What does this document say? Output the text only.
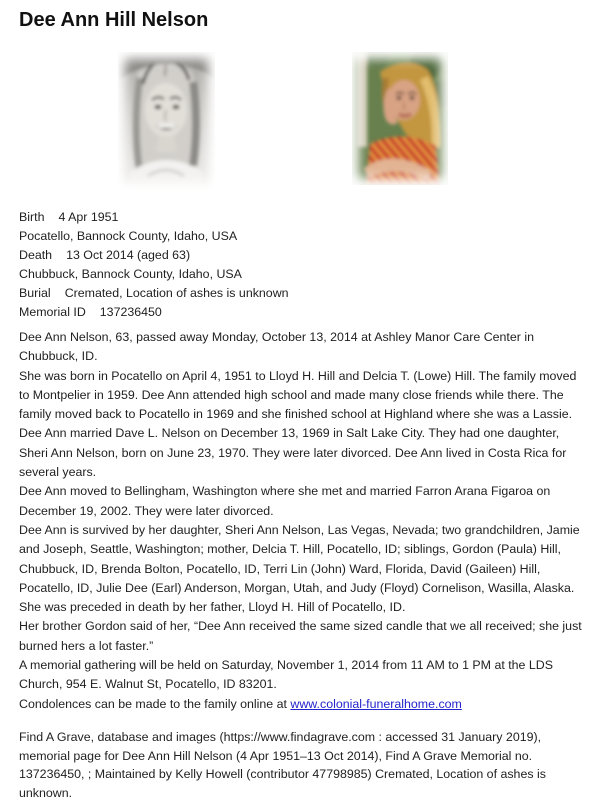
Dee Ann Hill Nelson
Birth 4 Apr 1951
Pocatello, Bannock County, Idaho, USA
Death 13 Oct 2014 (aged 63)
Chubbuck, Bannock County, Idaho, USA
Burial Cremated, Location of ashes is unknown
Memorial ID 137236450

Dee Ann Nelson, 63, passed away Monday, October 13, 2014 at Ashley Manor Care Center in Chubbuck, ID.

She was born in Pocatello on April 4, 1951 to Lloyd H. Hill and Delcia T. (Lowe) Hill. The family moved to Montpelier in 1959. Dee Ann attended high school and made many close friends while there. The family moved back to Pocatello in 1969 and she finished school at Highland where she was a Lassie.

Dee Ann married Dave L. Nelson on December 13, 1969 in Salt Lake City. They had one daughter, Sheri Ann Nelson, born on June 23, 1970. They were later divorced. Dee Ann lived in Costa Rica for several years.

Dee Ann moved to Bellingham, Washington where she met and married Farron Arana Figaroa on December 19, 2002. They were later divorced.

Dee Ann is survived by her daughter, Sheri Ann Nelson, Las Vegas, Nevada; two grandchildren, Jamie and Joseph, Seattle, Washington; mother, Delcia T. Hill, Pocatello, ID; siblings, Gordon (Paula) Hill, Chubbuck, ID, Brenda Bolton, Pocatello, ID, Terri Lin (John) Ward, Florida, David (Gaileen) Hill, Pocatello, ID, Julie Dee (Earl) Anderson, Morgan, Utah, and Judy (Floyd) Cornelison, Wasilla, Alaska.

She was preceded in death by her father, Lloyd H. Hill of Pocatello, ID.

Her brother Gordon said of her, “Dee Ann received the same sized candle that we all received; she just burned hers a lot faster.”

A memorial gathering will be held on Saturday, November 1, 2014 from 11 AM to 1 PM at the LDS Church, 954 E. Walnut St, Pocatello, ID 83201.

Condolences can be made to the family online at www.colonial-funeralhome.com

Find A Grave, database and images (https://www.findagrave.com : accessed 31 January 2019), memorial page for Dee Ann Hill Nelson (4 Apr 1951–13 Oct 2014), Find A Grave Memorial no. 137236450, ; Maintained by Kelly Howell (contributor 47798985) Cremated, Location of ashes is unknown.
